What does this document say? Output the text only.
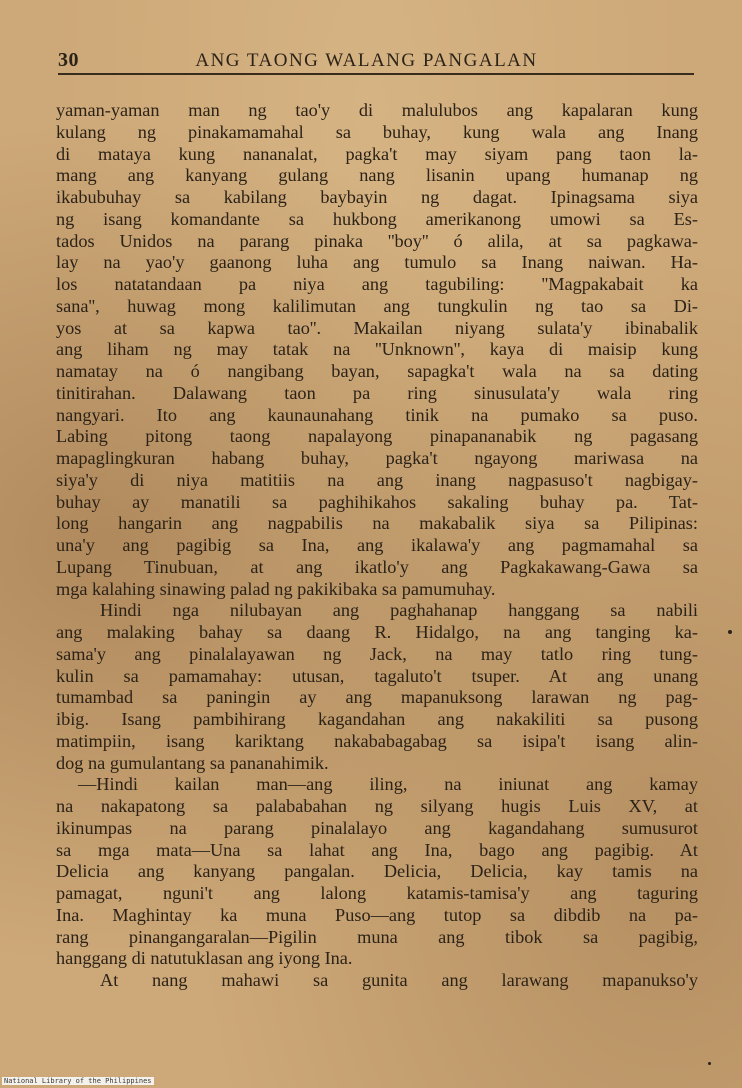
30	ANG TAONG WALANG PANGALAN
yaman-yaman man ng tao'y di malulubos ang kapalaran kung
kulang ng pinakamamahal sa buhay, kung wala ang Inang
di mataya kung nananalat, pagka't may siyam pang taon la-
mang ang kanyang gulang nang lisanin upang humanap ng
ikabubuhay sa kabilang baybayin ng dagat. Ipinagsama siya
ng isang komandante sa hukbong amerikanong umowi sa Es-
tados Unidos na parang pinaka ''boy'' ó alila, at sa pagkawa-
lay na yao'y gaanong luha ang tumulo sa Inang naiwan. Ha-
los natatandaan pa niya ang tagubiling: ''Magpakabait ka
sana'', huwag mong kalilimutan ang tungkulin ng tao sa Di-
yos at sa kapwa tao''. Makailan niyang sulata'y ibinabalik
ang liham ng may tatak na ''Unknown'', kaya di maisip kung
namatay na ó nangibang bayan, sapagka't wala na sa dating
tinitirahan. Dalawang taon pa ring sinusulata'y wala ring
nangyari. Ito ang kaunaunahang tinik na pumako sa puso.
Labing pitong taong napalayong pinapananabik ng pagasang
mapaglingkuran habang buhay, pagka't ngayong mariwasa na
siya'y di niya matitiis na ang inang nagpasuso't nagbigay-
buhay ay manatili sa paghihikahos sakaling buhay pa. Tat-
long hangarin ang nagpabilis na makabalik siya sa Pilipinas:
una'y ang pagibig sa Ina, ang ikalawa'y ang pagmamahal sa
Lupang Tinubuan, at ang ikatlo'y ang Pagkakawang-Gawa sa
mga kalahing sinawing palad ng pakikibaka sa pamumuhay.
Hindi nga nilubayan ang paghahanap hanggang sa nabili
ang malaking bahay sa daang R. Hidalgo, na ang tanging ka-
sama'y ang pinalalayawan ng Jack, na may tatlo ring tung-
kulin sa pamamahay: utusan, tagaluto't tsuper. At ang unang
tumambad sa paningin ay ang mapanuksong larawan ng pag-
ibig. Isang pambihirang kagandahan ang nakakiliti sa pusong
matimpiin, isang kariktang nakababagabag sa isipa't isang alin-
dog na gumulantang sa pananahimik.
—Hindi kailan man—ang iling, na iniunat ang kamay
na nakapatong sa palababahan ng silyang hugis Luis XV, at
ikinumpas na parang pinalalayo ang kagandahang sumusurot
sa mga mata—Una sa lahat ang Ina, bago ang pagibig. At
Delicia ang kanyang pangalan. Delicia, Delicia, kay tamis na
pamagat, nguni't ang lalong katamis-tamisa'y ang taguring
Ina. Maghintay ka muna Puso—ang tutop sa dibdib na pa-
rang pinangangaralan—Pigilin muna ang tibok sa pagibig,
hanggang di natutuklasan ang iyong Ina.
At nang mahawi sa gunita ang larawang mapanukso'y
National Library of the Philippines
